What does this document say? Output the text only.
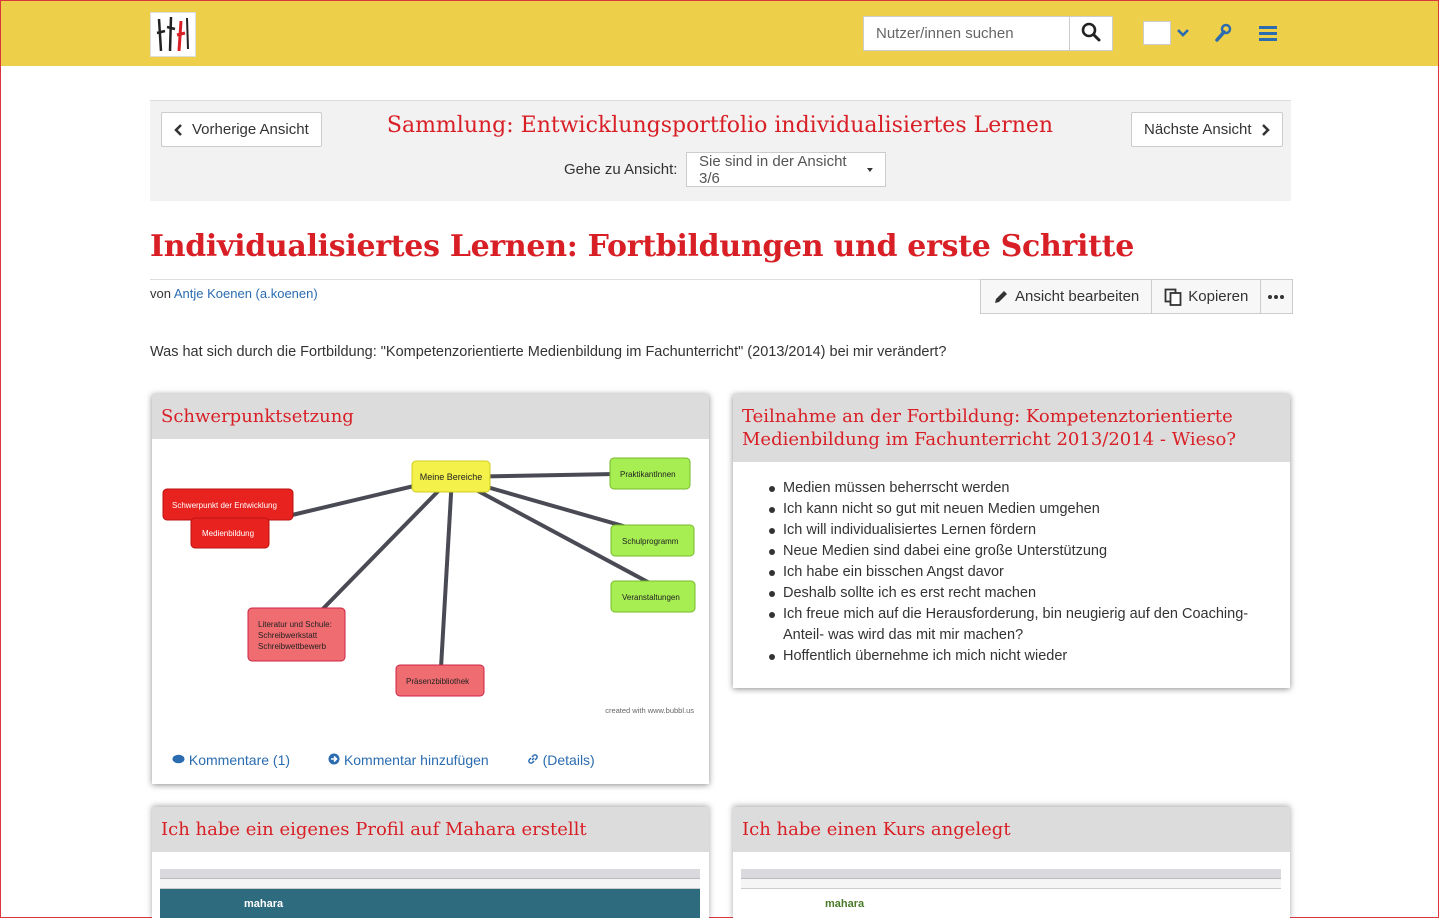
Nutzer/innen suchen
Vorherige Ansicht	Sammlung: Entwicklungsportfolio individualisiertes Lernen	Nächste Ansicht
Gehe zu Ansicht: Sie sind in der Ansicht 3/6
Individualisiertes Lernen: Fortbildungen und erste Schritte
von Antje Koenen (a.koenen)	Ansicht bearbeiten	Kopieren

Was hat sich durch die Fortbildung: "Kompetenzorientierte Medienbildung im Fachunterricht" (2013/2014) bei mir verändert?

Schwerpunktsetzung
Meine Bereiche
Schwerpunkt der Entwicklung
Medienbildung
PraktikantInnen
Schulprogramm
Veranstaltungen
Literatur und Schule:
Schreibwerkstatt
Schreibwettbewerb
Präsenzbibliothek
created with www.bubbl.us
Kommentare (1)	Kommentar hinzufügen	(Details)
Teilnahme an der Fortbildung: Kompetenztorientierte Medienbildung im Fachunterricht 2013/2014 - Wieso?
Medien müssen beherrscht werden
Ich kann nicht so gut mit neuen Medien umgehen
Ich will individualisiertes Lernen fördern
Neue Medien sind dabei eine große Unterstützung
Ich habe ein bisschen Angst davor
Deshalb sollte ich es erst recht machen
Ich freue mich auf die Herausforderung, bin neugierig auf den Coaching-Anteil- was wird das mit mir machen?
Hoffentlich übernehme ich mich nicht wieder
Ich habe ein eigenes Profil auf Mahara erstellt
mahara
Ich habe einen Kurs angelegt
mahara
